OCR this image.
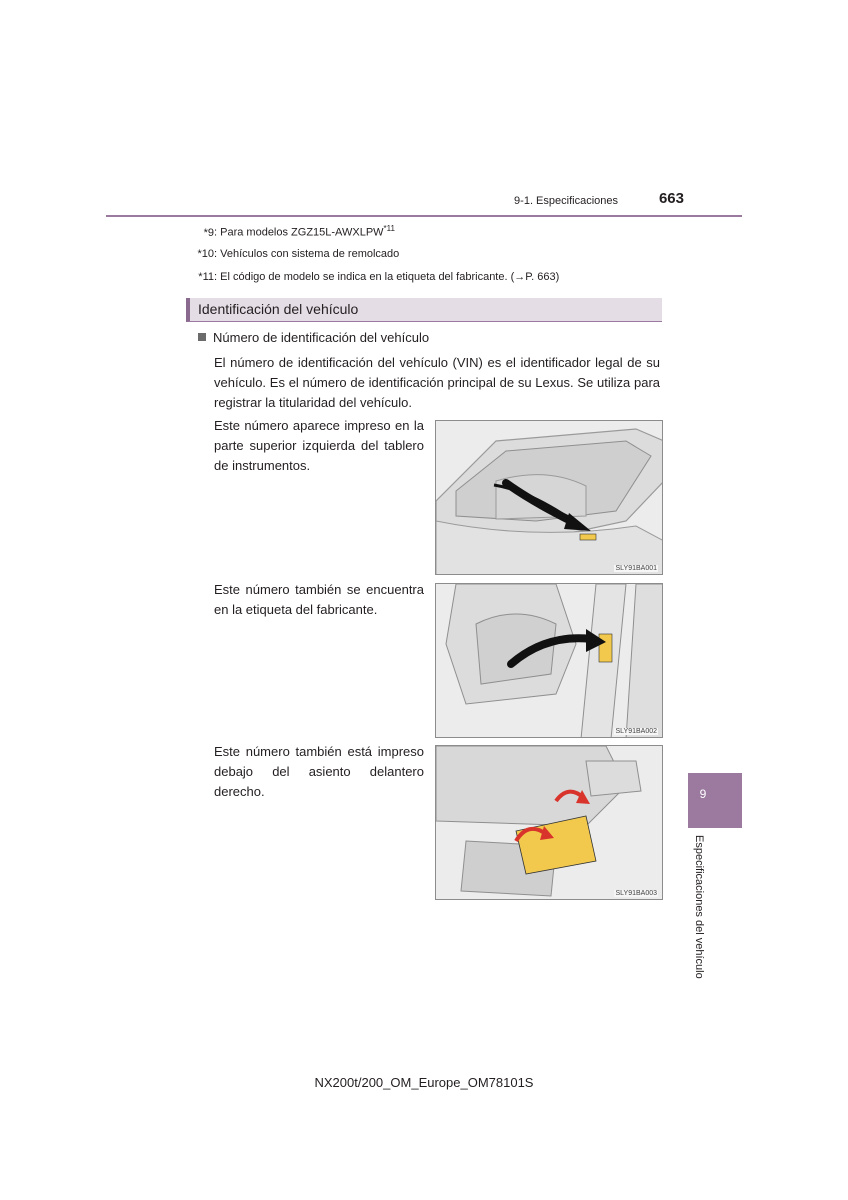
9-1. Especificaciones	663
*9: Para modelos ZGZ15L-AWXLPW$^{*11}$
*10: Vehículos con sistema de remolcado
*11: El código de modelo se indica en la etiqueta del fabricante. (→P. 663)
Identificación del vehículo
Número de identificación del vehículo
El número de identificación del vehículo (VIN) es el identificador legal de su vehículo. Es el número de identificación principal de su Lexus. Se utiliza para registrar la titularidad del vehículo.
Este número aparece impreso en la parte superior izquierda del tablero de instrumentos.
SLY91BA001
Este número también se encuentra en la etiqueta del fabricante.
SLY91BA002
Este número también está impreso debajo del asiento delantero derecho.
SLY91BA003
9
Especificaciones del vehículo
NX200t/200_OM_Europe_OM78101S
